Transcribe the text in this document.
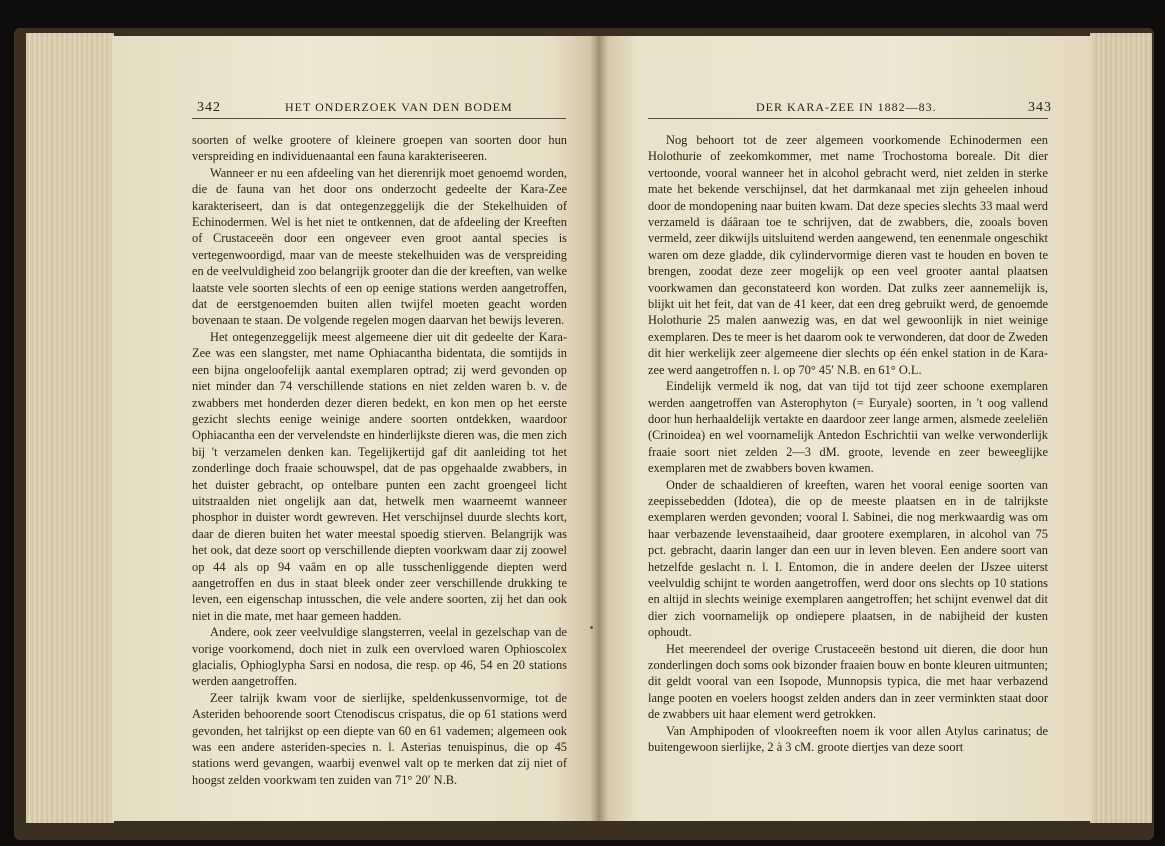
342	HET ONDERZOEK VAN DEN BODEM	DER KARA-ZEE IN 1882—83.	343

soorten of welke grootere of kleinere groepen van soorten door hun verspreiding en individuenaantal een fauna karakteriseeren.

Wanneer er nu een afdeeling van het dierenrijk moet genoemd worden, die de fauna van het door ons onderzocht gedeelte der Kara-Zee karakteriseert, dan is dat ontegenzeggelijk die der Stekelhuiden of Echinodermen. Wel is het niet te ontkennen, dat de afdeeling der Kreeften of Crustaceeën door een ongeveer even groot aantal species is vertegenwoordigd, maar van de meeste stekelhuiden was de verspreiding en de veelvuldigheid zoo belangrijk grooter dan die der kreeften, van welke laatste vele soorten slechts of een op eenige stations werden aangetroffen, dat de eerstgenoemden buiten allen twijfel moeten geacht worden bovenaan te staan. De volgende regelen mogen daarvan het bewijs leveren.

Het ontegenzeggelijk meest algemeene dier uit dit gedeelte der Kara-Zee was een slangster, met name Ophiacantha bidentata, die somtijds in een bijna ongeloofelijk aantal exemplaren optrad; zij werd gevonden op niet minder dan 74 verschillende stations en niet zelden waren b. v. de zwabbers met honderden dezer dieren bedekt, en kon men op het eerste gezicht slechts eenige weinige andere soorten ontdekken, waardoor Ophiacantha een der vervelendste en hinderlijkste dieren was, die men zich bij 't verzamelen denken kan. Tegelijkertijd gaf dit aanleiding tot het zonderlinge doch fraaie schouwspel, dat de pas opgehaalde zwabbers, in het duister gebracht, op ontelbare punten een zacht groengeel licht uitstraalden niet ongelijk aan dat, hetwelk men waarneemt wanneer phosphor in duister wordt gewreven. Het verschijnsel duurde slechts kort, daar de dieren buiten het water meestal spoedig stierven. Belangrijk was het ook, dat deze soort op verschillende diepten voorkwam daar zij zoowel op 44 als op 94 vaâm en op alle tusschenliggende diepten werd aangetroffen en dus in staat bleek onder zeer verschillende drukking te leven, een eigenschap intusschen, die vele andere soorten, zij het dan ook niet in die mate, met haar gemeen hadden.

Andere, ook zeer veelvuldige slangsterren, veelal in gezelschap van de vorige voorkomend, doch niet in zulk een overvloed waren Ophioscolex glacialis, Ophioglypha Sarsi en nodosa, die resp. op 46, 54 en 20 stations werden aangetroffen.

Zeer talrijk kwam voor de sierlijke, speldenkussenvormige, tot de Asteriden behoorende soort Ctenodiscus crispatus, die op 61 stations werd gevonden, het talrijkst op een diepte van 60 en 61 vademen; algemeen ook was een andere asteriden-species n. l. Asterias tenuispinus, die op 45 stations werd gevangen, waarbij evenwel valt op te merken dat zij niet of hoogst zelden voorkwam ten zuiden van 71° 20′ N.B.

Nog behoort tot de zeer algemeen voorkomende Echinodermen een Holothurie of zeekomkommer, met name Trochostoma boreale. Dit dier vertoonde, vooral wanneer het in alcohol gebracht werd, niet zelden in sterke mate het bekende verschijnsel, dat het darmkanaal met zijn geheelen inhoud door de mondopening naar buiten kwam. Dat deze species slechts 33 maal werd verzameld is dáâraan toe te schrijven, dat de zwabbers, die, zooals boven vermeld, zeer dikwijls uitsluitend werden aangewend, ten eenenmale ongeschikt waren om deze gladde, dik cylindervormige dieren vast te houden en boven te brengen, zoodat deze zeer mogelijk op een veel grooter aantal plaatsen voorkwamen dan geconstateerd kon worden. Dat zulks zeer aannemelijk is, blijkt uit het feit, dat van de 41 keer, dat een dreg gebruikt werd, de genoemde Holothurie 25 malen aanwezig was, en dat wel gewoonlijk in niet weinige exemplaren. Des te meer is het daarom ook te verwonderen, dat door de Zweden dit hier werkelijk zeer algemeene dier slechts op één enkel station in de Kara-zee werd aangetroffen n. l. op 70° 45′ N.B. en 61° O.L.

Eindelijk vermeld ik nog, dat van tijd tot tijd zeer schoone exemplaren werden aangetroffen van Asterophyton (= Euryale) soorten, in 't oog vallend door hun herhaaldelijk vertakte en daardoor zeer lange armen, alsmede zeeleliën (Crinoidea) en wel voornamelijk Antedon Eschrichtii van welke verwonderlijk fraaie soort niet zelden 2—3 dM. groote, levende en zeer beweeglijke exemplaren met de zwabbers boven kwamen.

Onder de schaaldieren of kreeften, waren het vooral eenige soorten van zeepissebedden (Idotea), die op de meeste plaatsen en in de talrijkste exemplaren werden gevonden; vooral I. Sabinei, die nog merkwaardig was om haar verbazende levenstaaiheid, daar grootere exemplaren, in alcohol van 75 pct. gebracht, daarin langer dan een uur in leven bleven. Een andere soort van hetzelfde geslacht n. l. I. Entomon, die in andere deelen der IJszee uiterst veelvuldig schijnt te worden aangetroffen, werd door ons slechts op 10 stations en altijd in slechts weinige exemplaren aangetroffen; het schijnt evenwel dat dit dier zich voornamelijk op ondiepere plaatsen, in de nabijheid der kusten ophoudt.

Het meerendeel der overige Crustaceeën bestond uit dieren, die door hun zonderlingen doch soms ook bizonder fraaien bouw en bonte kleuren uitmunten; dit geldt vooral van een Isopode, Munnopsis typica, die met haar verbazend lange pooten en voelers hoogst zelden anders dan in zeer verminkten staat door de zwabbers uit haar element werd getrokken.

Van Amphipoden of vlookreeften noem ik voor allen Atylus carinatus; de buitengewoon sierlijke, 2 à 3 cM. groote diertjes van deze soort
